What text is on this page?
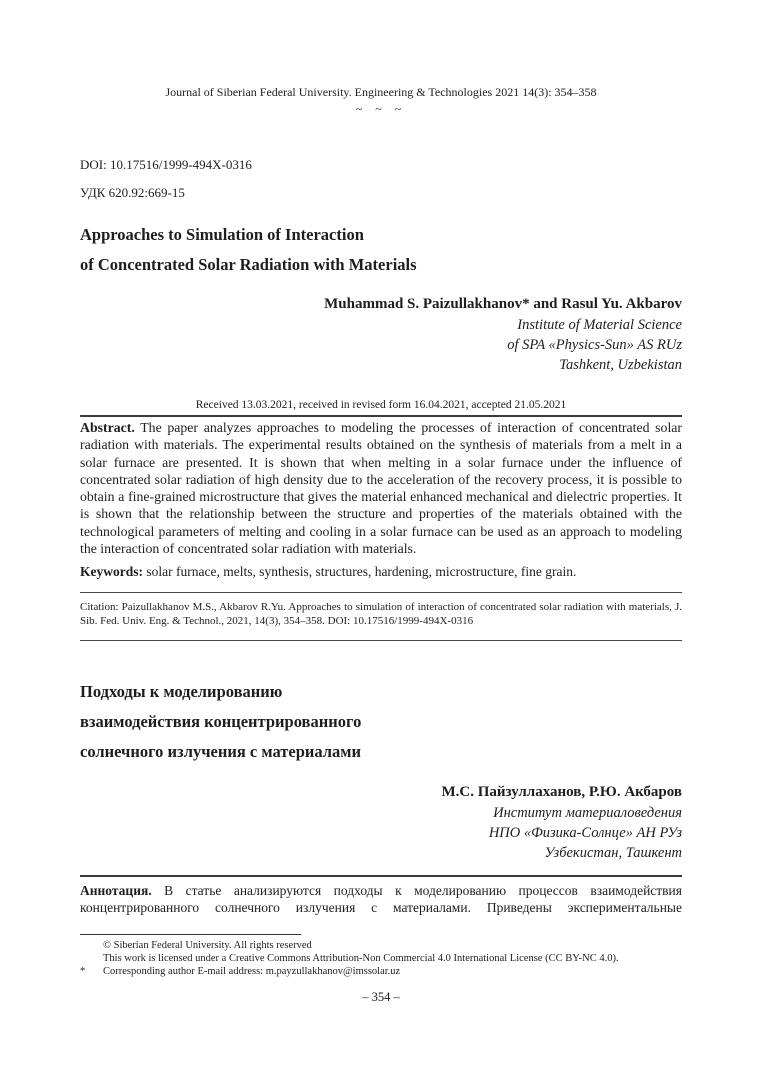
Journal of Siberian Federal University. Engineering & Technologies 2021 14(3): 354–358
~ ~ ~
DOI: 10.17516/1999-494X-0316
УДК 620.92:669-15
Approaches to Simulation of Interaction
of Concentrated Solar Radiation with Materials
Muhammad S. Paizullakhanov* and Rasul Yu. Akbarov
Institute of Material Science
of SPA «Physics-Sun» AS RUz
Tashkent, Uzbekistan
Received 13.03.2021, received in revised form 16.04.2021, accepted 21.05.2021
Abstract. The paper analyzes approaches to modeling the processes of interaction of concentrated solar radiation with materials. The experimental results obtained on the synthesis of materials from a melt in a solar furnace are presented. It is shown that when melting in a solar furnace under the influence of concentrated solar radiation of high density due to the acceleration of the recovery process, it is possible to obtain a fine-grained microstructure that gives the material enhanced mechanical and dielectric properties. It is shown that the relationship between the structure and properties of the materials obtained with the technological parameters of melting and cooling in a solar furnace can be used as an approach to modeling the interaction of concentrated solar radiation with materials.
Keywords: solar furnace, melts, synthesis, structures, hardening, microstructure, fine grain.
Citation: Paizullakhanov M.S., Akbarov R.Yu. Approaches to simulation of interaction of concentrated solar radiation with materials, J. Sib. Fed. Univ. Eng. & Technol., 2021, 14(3), 354–358. DOI: 10.17516/1999-494X-0316
Подходы к моделированию
взаимодействия концентрированного
солнечного излучения с материалами
М.С. Пайзуллаханов, Р.Ю. Акбаров
Институт материаловедения
НПО «Физика-Солнце» АН РУз
Узбекистан, Ташкент
Аннотация. В статье анализируются подходы к моделированию процессов взаимодействия концентрированного солнечного излучения с материалами. Приведены экспериментальные
© Siberian Federal University. All rights reserved
This work is licensed under a Creative Commons Attribution-Non Commercial 4.0 International License (CC BY-NC 4.0).
* Corresponding author E-mail address: m.payzullakhanov@imssolar.uz
– 354 –
